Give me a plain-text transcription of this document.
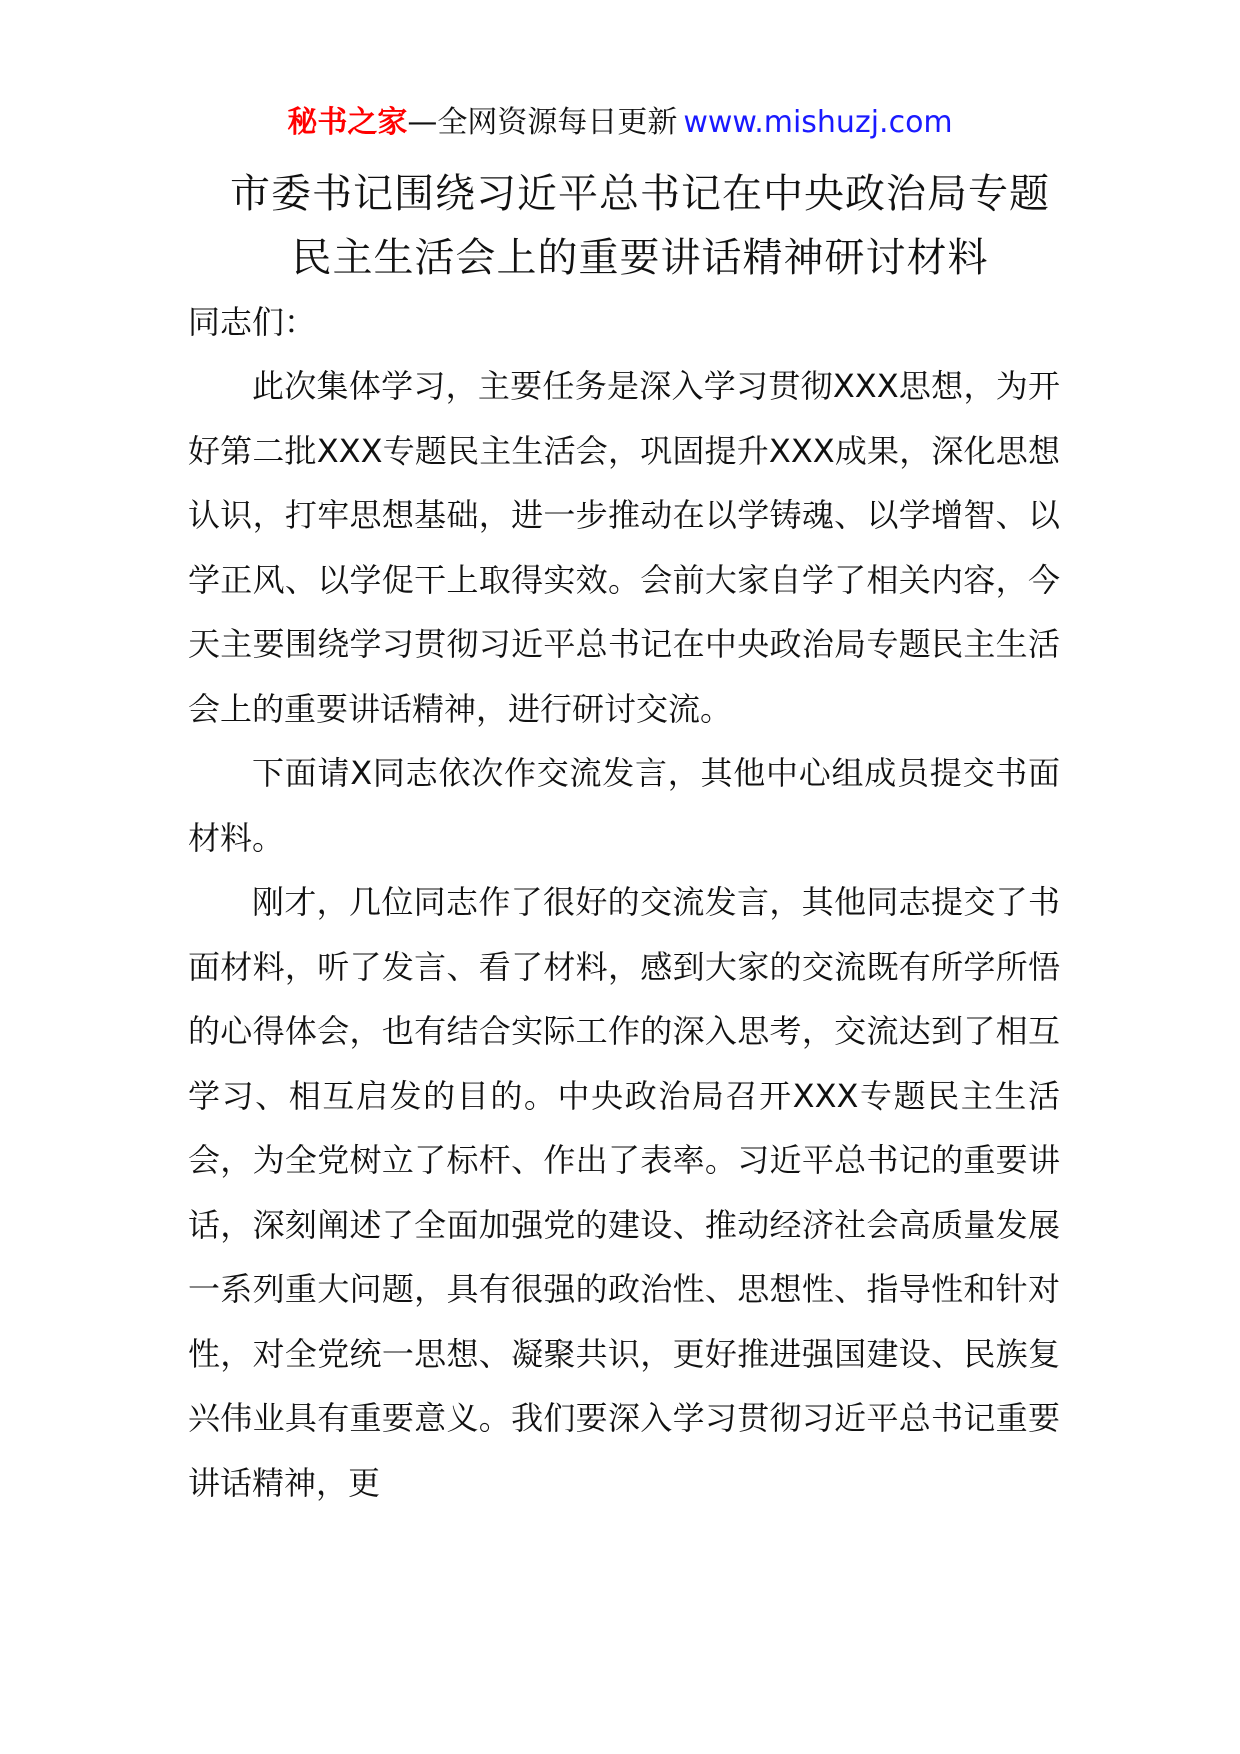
秘书之家—全网资源每日更新 www.mishuzj.com
市委书记围绕习近平总书记在中央政治局专题
民主生活会上的重要讲话精神研讨材料
同志们：

此次集体学习，主要任务是深入学习贯彻XXX思想，为开好第二批XXX专题民主生活会，巩固提升XXX成果，深化思想认识，打牢思想基础，进一步推动在以学铸魂、以学增智、以学正风、以学促干上取得实效。会前大家自学了相关内容，今天主要围绕学习贯彻习近平总书记在中央政治局专题民主生活会上的重要讲话精神，进行研讨交流。

下面请X同志依次作交流发言，其他中心组成员提交书面材料。

刚才，几位同志作了很好的交流发言，其他同志提交了书面材料，听了发言、看了材料，感到大家的交流既有所学所悟的心得体会，也有结合实际工作的深入思考，交流达到了相互学习、相互启发的目的。中央政治局召开XXX专题民主生活会，为全党树立了标杆、作出了表率。习近平总书记的重要讲话，深刻阐述了全面加强党的建设、推动经济社会高质量发展一系列重大问题，具有很强的政治性、思想性、指导性和针对性，对全党统一思想、凝聚共识，更好推进强国建设、民族复兴伟业具有重要意义。我们要深入学习贯彻习近平总书记重要讲话精神，更
